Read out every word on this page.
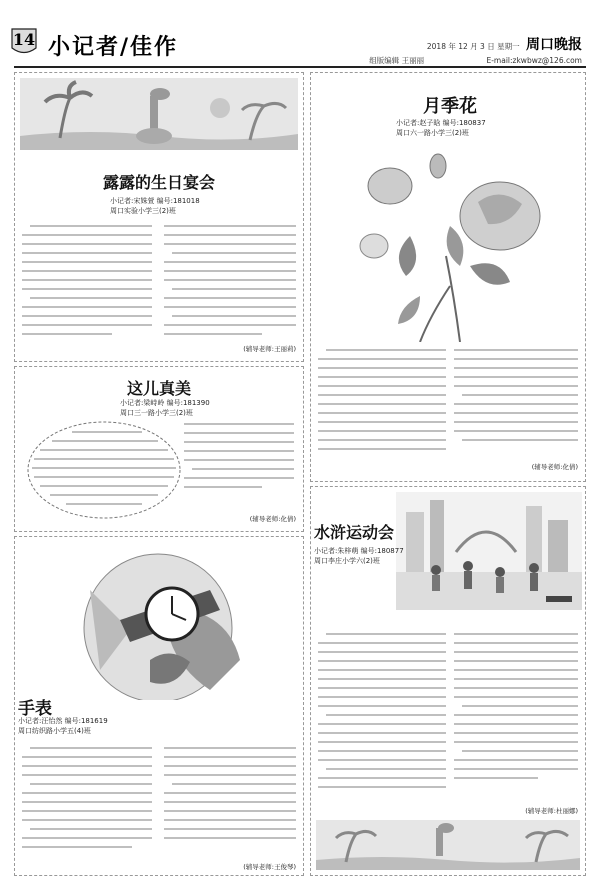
14 小记者/佳作	2018 年 12 月 3 日 星期一 周口晚报
组版编辑 王丽丽	E-mail:zkwbwz@126.com
露露的生日宴会
小记者:宋姝萱 编号:181018
周口实验小学三(2)班
(辅导老师:王丽莉)
这儿真美
小记者:梁峙岭 编号:181390
周口三一路小学三(2)班
(辅导老师:化倩)
手表
小记者:汪怡然 编号:181619
周口纺织路小学五(4)班
(辅导老师:王俊琴)
月季花
小记者:赵子晗 编号:180837
周口六一路小学三(2)班
(辅导老师:化倩)
水浒运动会
小记者:朱梓萌 编号:180877
周口李庄小学六(2)班
(辅导老师:杜丽娜)
